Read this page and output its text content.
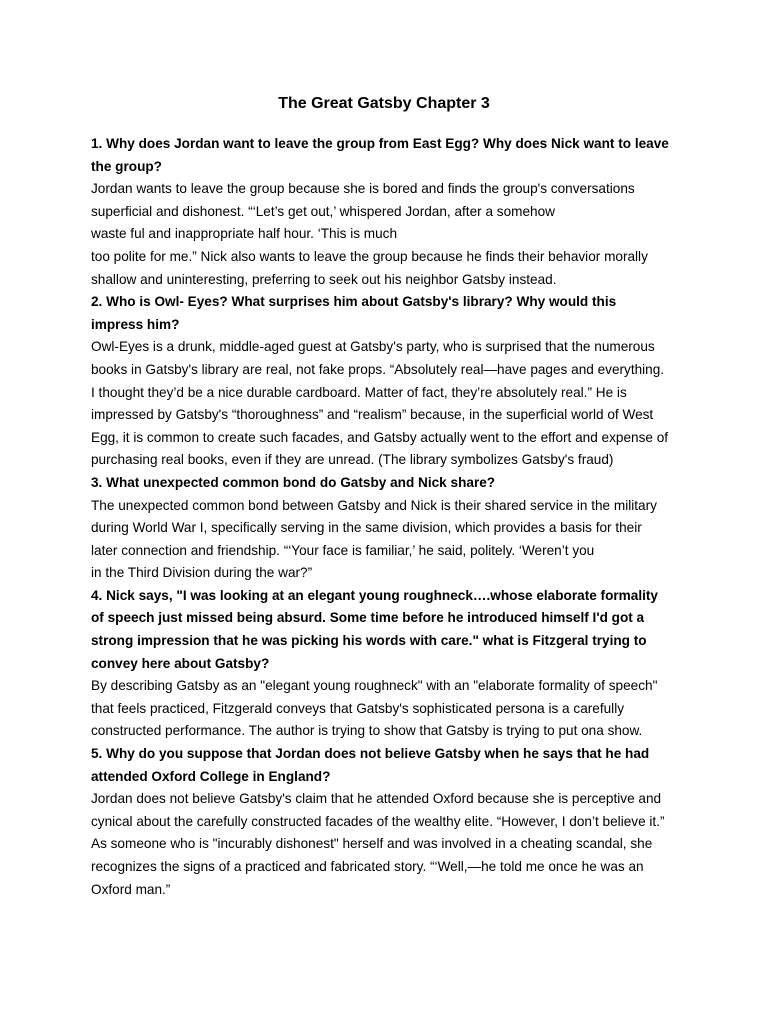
The Great Gatsby Chapter 3
1. Why does Jordan want to leave the group from East Egg? Why does Nick want to leave
the group?
Jordan wants to leave the group because she is bored and finds the group's conversations
superficial and dishonest. “‘Let’s get out,’ whispered Jordan, after a somehow
waste ful and inappropriate half hour. ‘This is much
too polite for me.” Nick also wants to leave the group because he finds their behavior morally
shallow and uninteresting, preferring to seek out his neighbor Gatsby instead.
2. Who is Owl- Eyes? What surprises him about Gatsby's library? Why would this
impress him?
Owl-Eyes is a drunk, middle-aged guest at Gatsby's party, who is surprised that the numerous
books in Gatsby's library are real, not fake props. “Absolutely real—have pages and everything.
I thought they’d be a nice durable cardboard. Matter of fact, they’re absolutely real.” He is
impressed by Gatsby's “thoroughness” and “realism” because, in the superficial world of West
Egg, it is common to create such facades, and Gatsby actually went to the effort and expense of
purchasing real books, even if they are unread. (The library symbolizes Gatsby's fraud)
3. What unexpected common bond do Gatsby and Nick share?
The unexpected common bond between Gatsby and Nick is their shared service in the military
during World War I, specifically serving in the same division, which provides a basis for their
later connection and friendship. “‘Your face is familiar,’ he said, politely. ‘Weren’t you
in the Third Division during the war?”
4. Nick says, "I was looking at an elegant young roughneck….whose elaborate formality
of speech just missed being absurd. Some time before he introduced himself I'd got a
strong impression that he was picking his words with care." what is Fitzgeral trying to
convey here about Gatsby?
By describing Gatsby as an "elegant young roughneck" with an "elaborate formality of speech"
that feels practiced, Fitzgerald conveys that Gatsby's sophisticated persona is a carefully
constructed performance. The author is trying to show that Gatsby is trying to put ona show.
5. Why do you suppose that Jordan does not believe Gatsby when he says that he had
attended Oxford College in England?
Jordan does not believe Gatsby's claim that he attended Oxford because she is perceptive and
cynical about the carefully constructed facades of the wealthy elite. “However, I don’t believe it.”
As someone who is "incurably dishonest" herself and was involved in a cheating scandal, she
recognizes the signs of a practiced and fabricated story. “‘Well,—he told me once he was an
Oxford man.”
